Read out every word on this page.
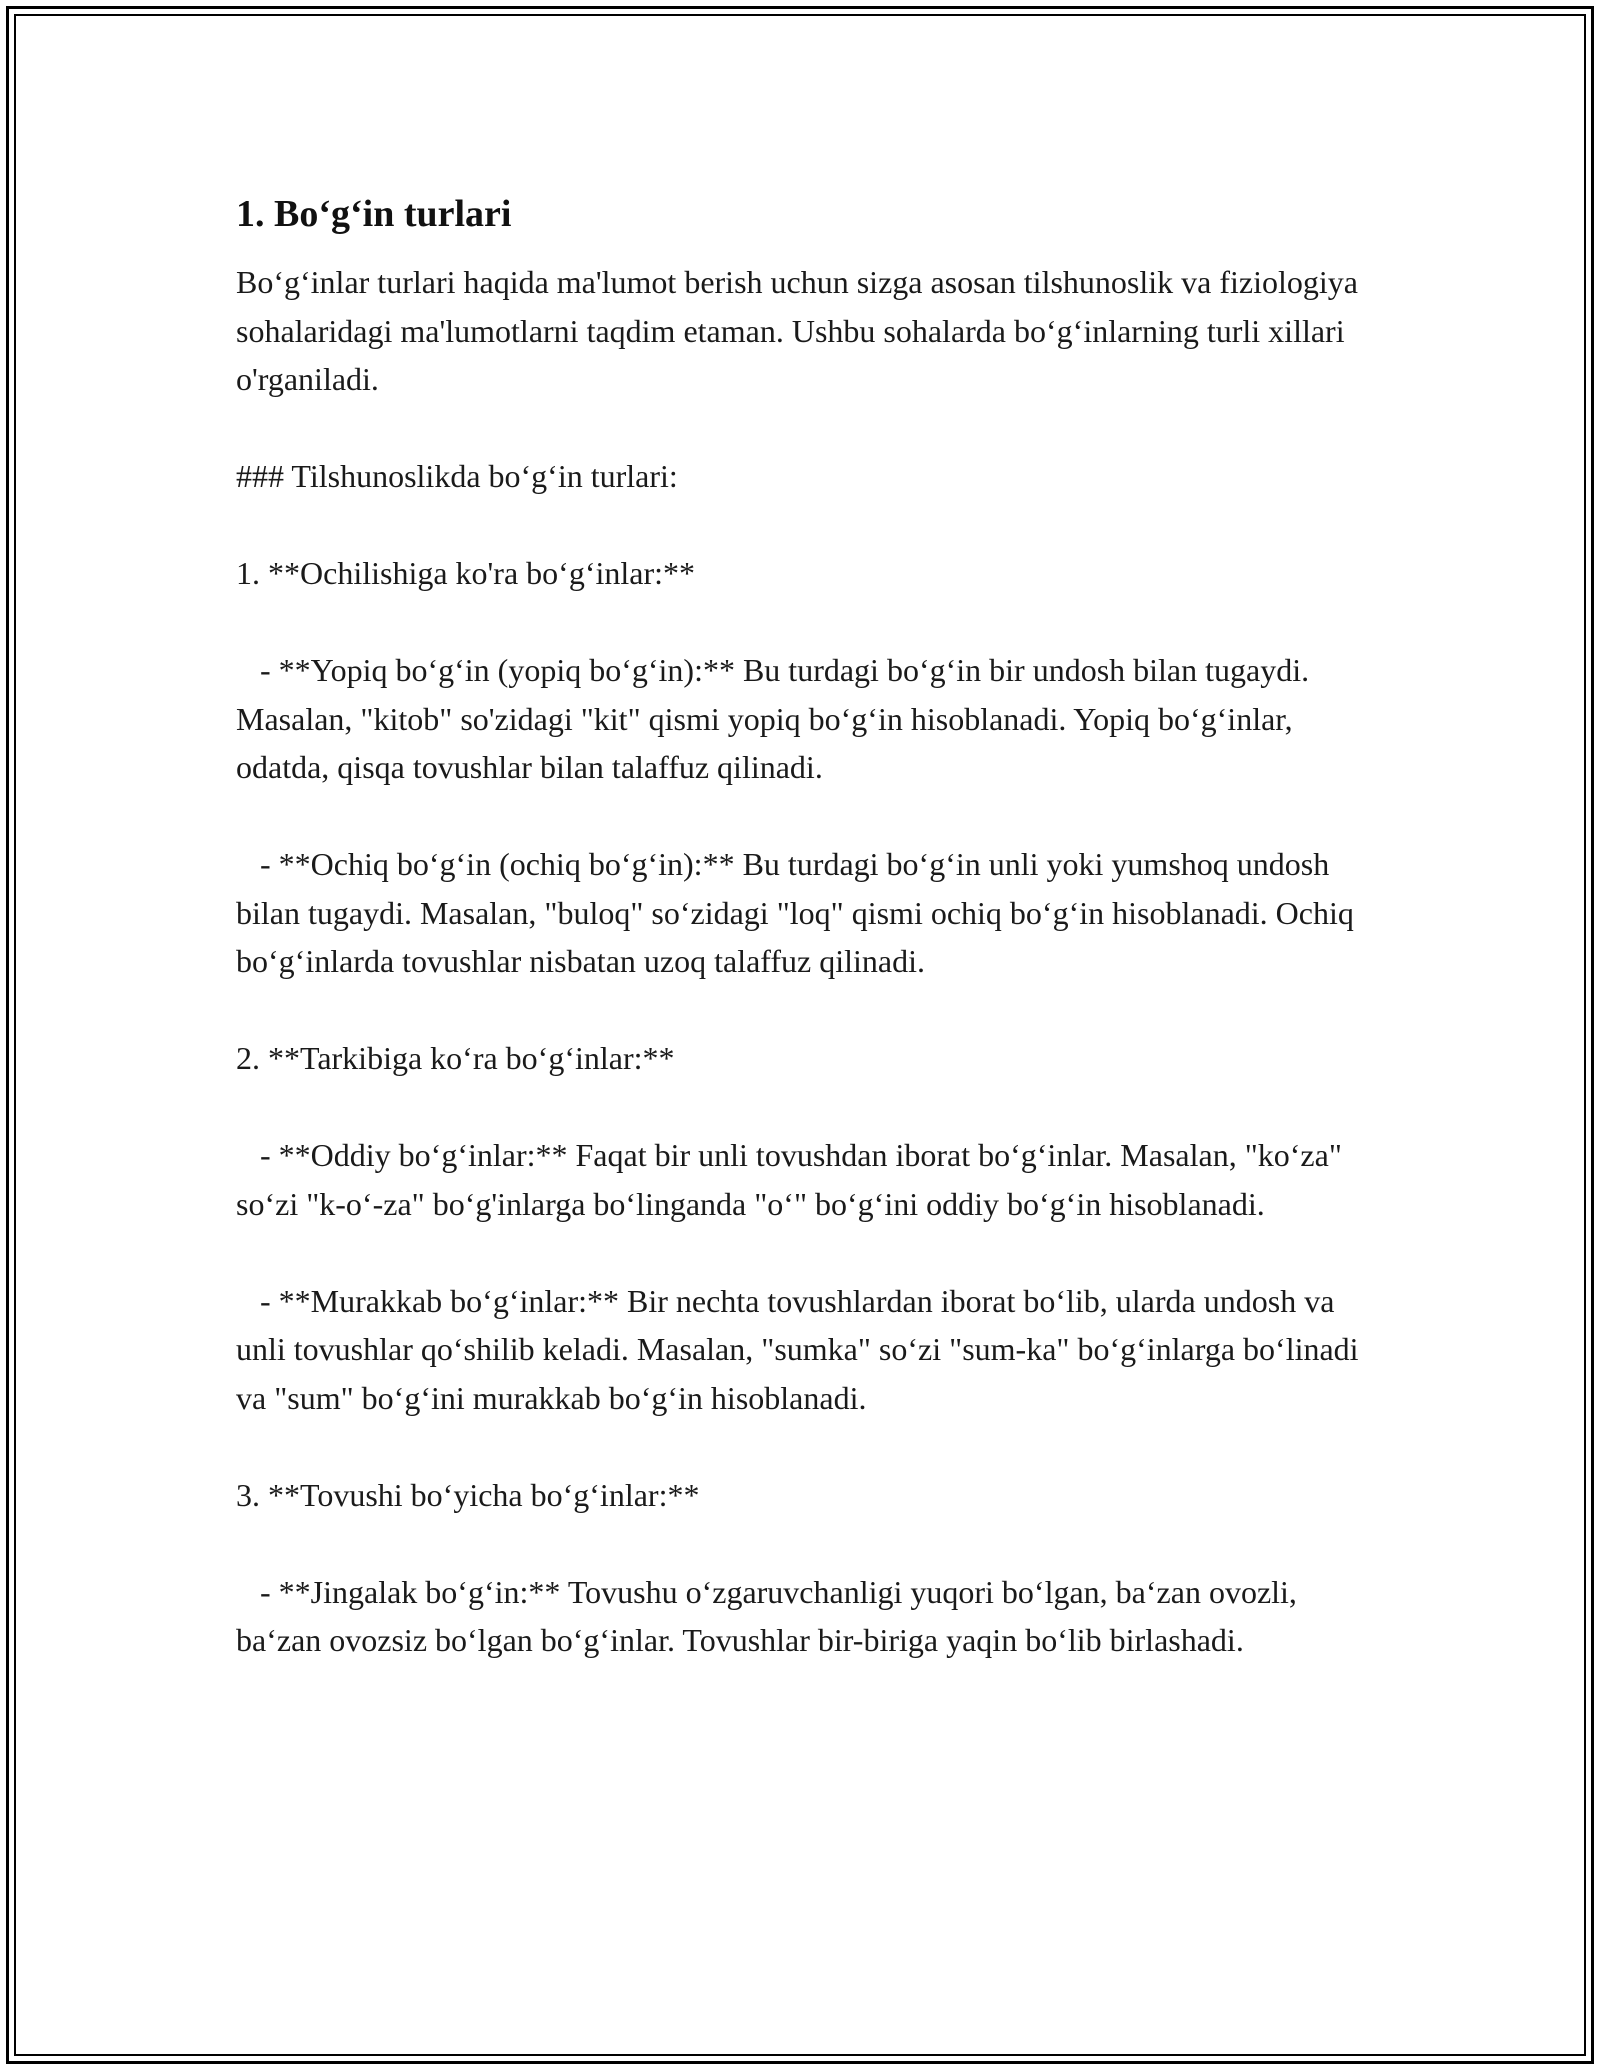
1. Bo‘g‘in turlari
Bo‘g‘inlar turlari haqida ma'lumot berish uchun sizga asosan tilshunoslik va fiziologiya sohalaridagi ma'lumotlarni taqdim etaman. Ushbu sohalarda bo‘g‘inlarning turli xillari o'rganiladi.
### Tilshunoslikda bo‘g‘in turlari:
1. **Ochilishiga ko'ra bo‘g‘inlar:**
- **Yopiq bo‘g‘in (yopiq bo‘g‘in):** Bu turdagi bo‘g‘in bir undosh bilan tugaydi. Masalan, "kitob" so'zidagi "kit" qismi yopiq bo‘g‘in hisoblanadi. Yopiq bo‘g‘inlar, odatda, qisqa tovushlar bilan talaffuz qilinadi.
- **Ochiq bo‘g‘in (ochiq bo‘g‘in):** Bu turdagi bo‘g‘in unli yoki yumshoq undosh bilan tugaydi. Masalan, "buloq" so‘zidagi "loq" qismi ochiq bo‘g‘in hisoblanadi. Ochiq bo‘g‘inlarda tovushlar nisbatan uzoq talaffuz qilinadi.
2. **Tarkibiga ko‘ra bo‘g‘inlar:**
- **Oddiy bo‘g‘inlar:** Faqat bir unli tovushdan iborat bo‘g‘inlar. Masalan, "ko‘za" so‘zi "k-o‘-za" bo‘g'inlarga bo‘linganda "o‘" bo‘g‘ini oddiy bo‘g‘in hisoblanadi.
- **Murakkab bo‘g‘inlar:** Bir nechta tovushlardan iborat bo‘lib, ularda undosh va unli tovushlar qo‘shilib keladi. Masalan, "sumka" so‘zi "sum-ka" bo‘g‘inlarga bo‘linadi va "sum" bo‘g‘ini murakkab bo‘g‘in hisoblanadi.
3. **Tovushi bo‘yicha bo‘g‘inlar:**
- **Jingalak bo‘g‘in:** Tovushu o‘zgaruvchanligi yuqori bo‘lgan, ba‘zan ovozli, ba‘zan ovozsiz bo‘lgan bo‘g‘inlar. Tovushlar bir-biriga yaqin bo‘lib birlashadi.
